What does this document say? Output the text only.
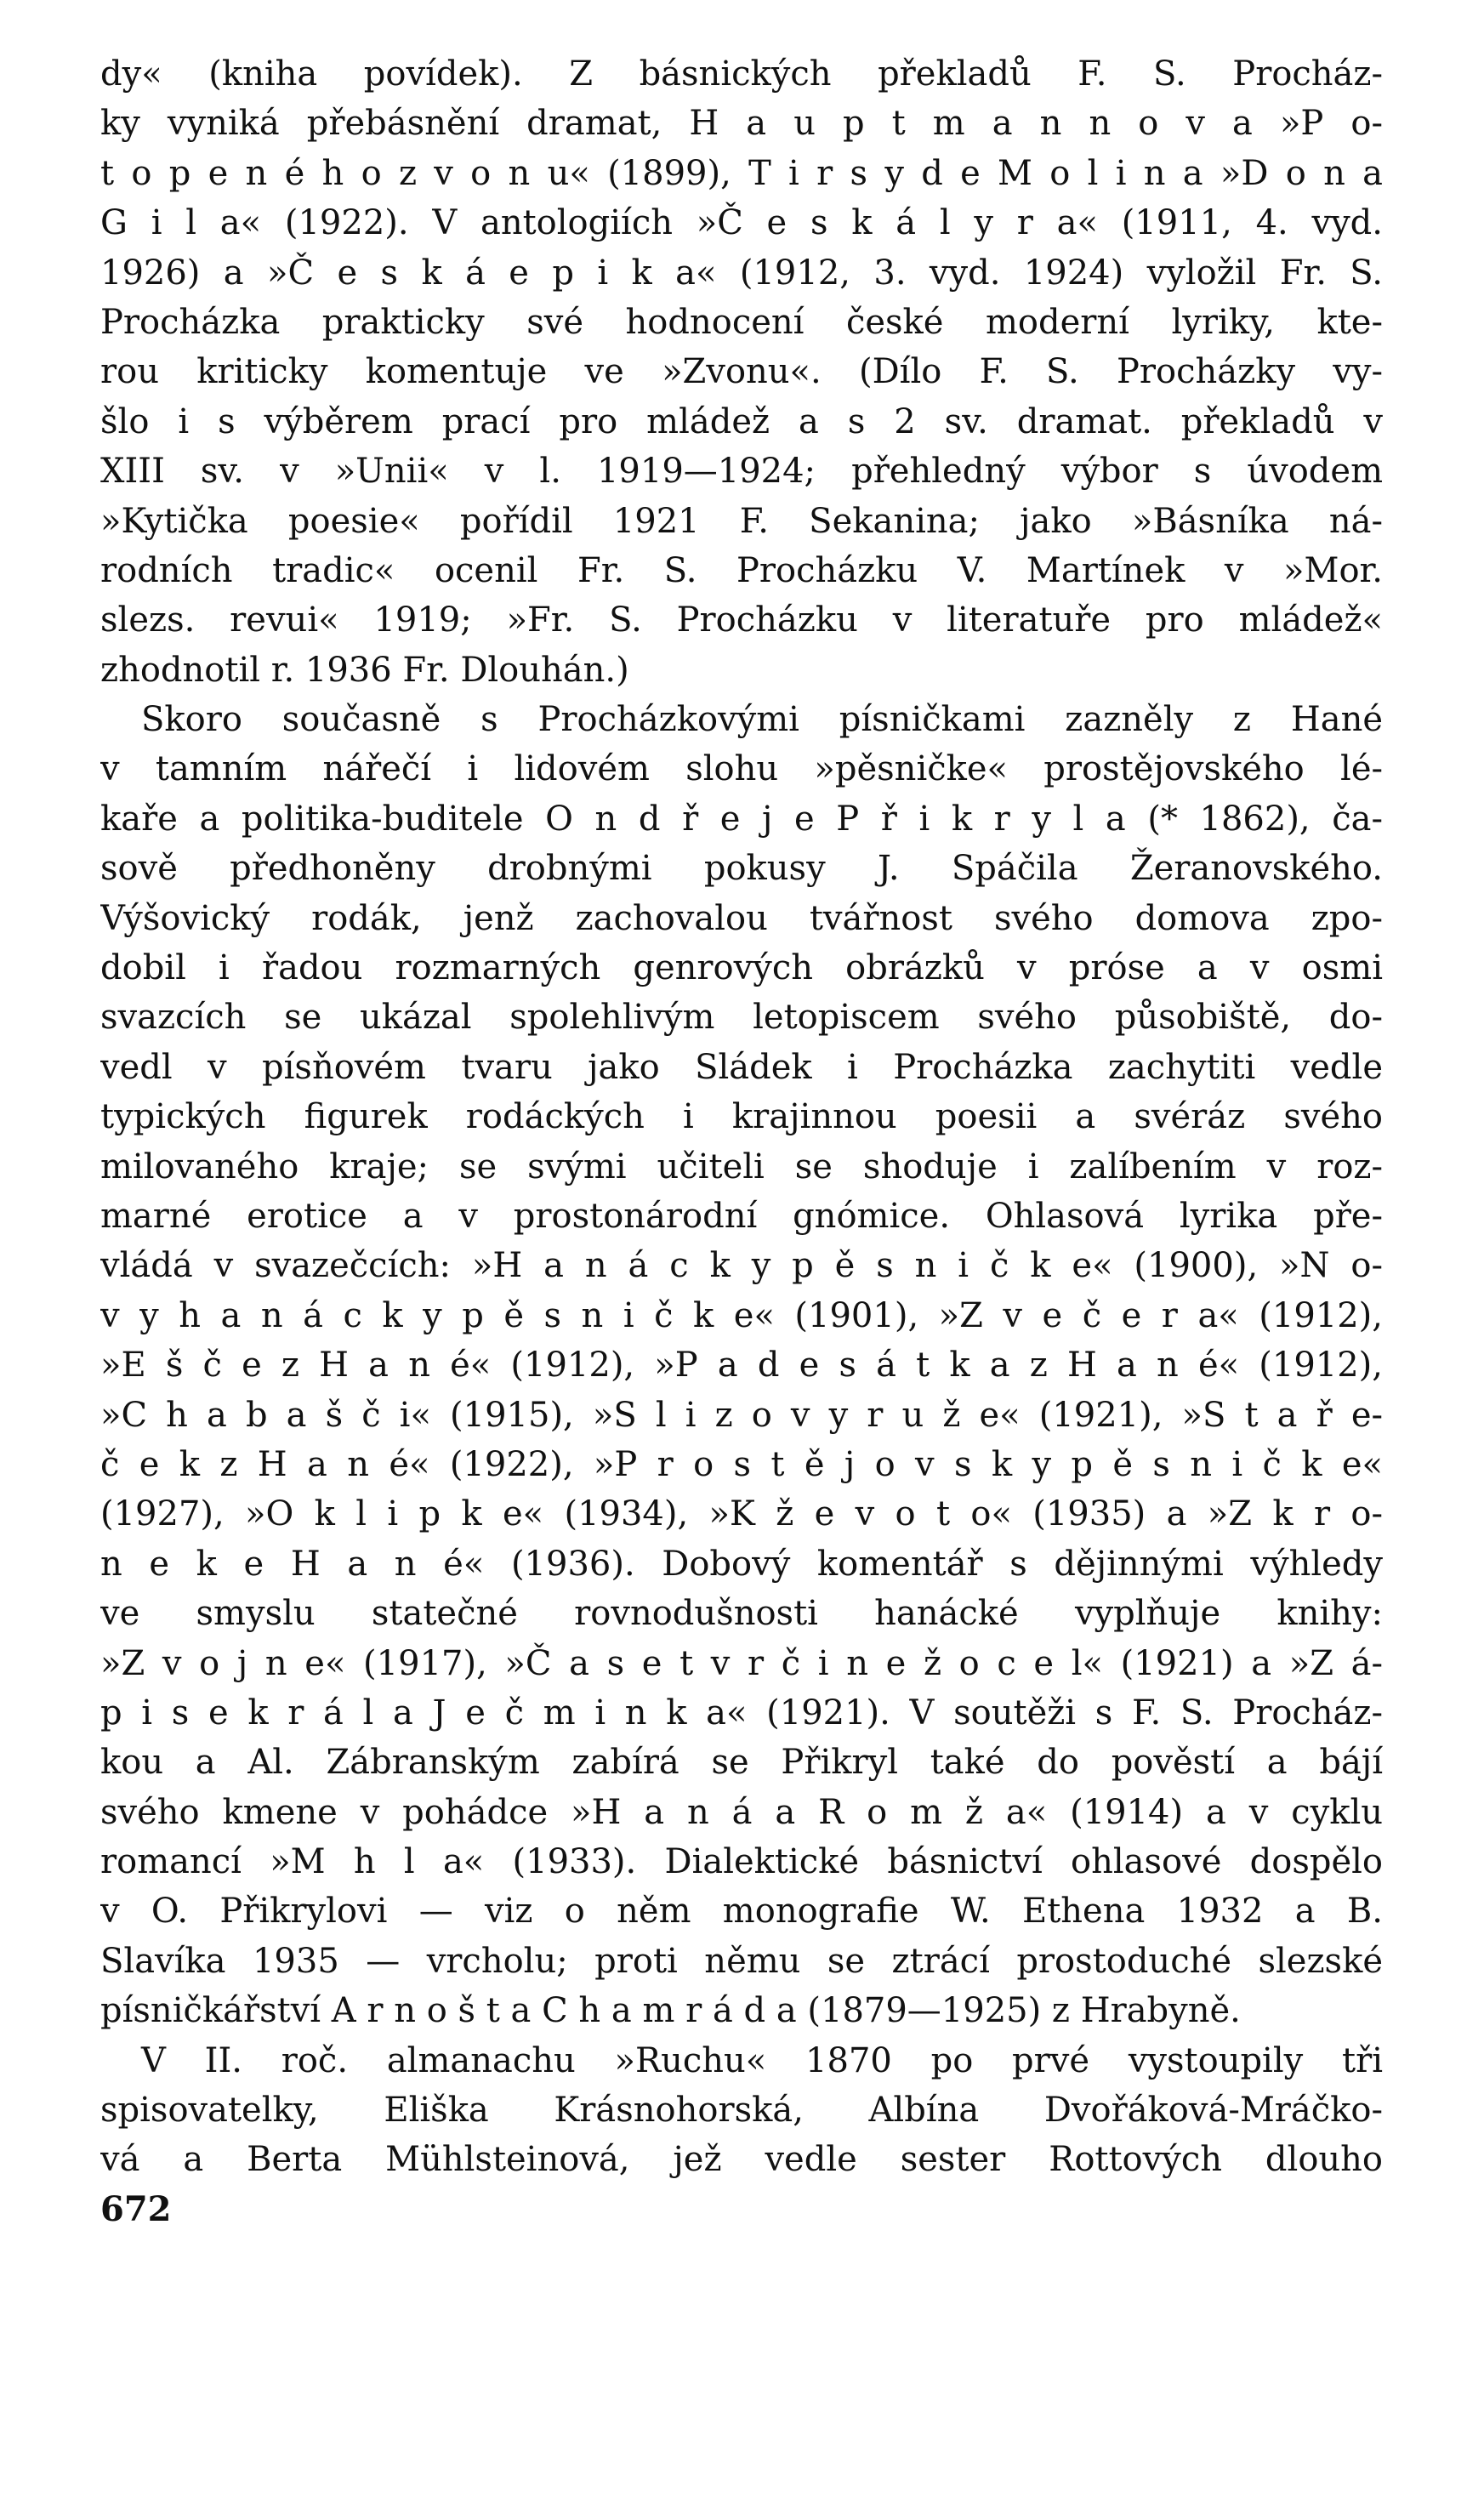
dy« (kniha povídek). Z básnických překladů F. S. Procház-
ky vyniká přebásnění dramat, H a u p t m a n n o v a »P o-
t o p e n é h o z v o n u« (1899), T i r s y d e M o l i n a »D o n a
G i l a« (1922). V antologiích »Č e s k á l y r a« (1911, 4. vyd.
1926) a »Č e s k á e p i k a« (1912, 3. vyd. 1924) vyložil Fr. S.
Procházka prakticky své hodnocení české moderní lyriky, kte-
rou kriticky komentuje ve »Zvonu«. (Dílo F. S. Procházky vy-
šlo i s výběrem prací pro mládež a s 2 sv. dramat. překladů v
XIII sv. v »Unii« v l. 1919—1924; přehledný výbor s úvodem
»Kytička poesie« pořídil 1921 F. Sekanina; jako »Básníka ná-
rodních tradic« ocenil Fr. S. Procházku V. Martínek v »Mor.
slezs. revui« 1919; »Fr. S. Procházku v literatuře pro mládež«
zhodnotil r. 1936 Fr. Dlouhán.)
Skoro současně s Procházkovými písničkami zazněly z Hané
v tamním nářečí i lidovém slohu »pěsničke« prostějovského lé-
kaře a politika-buditele O n d ř e j e P ř i k r y l a (* 1862), ča-
sově předhoněny drobnými pokusy J. Spáčila Žeranovského.
Výšovický rodák, jenž zachovalou tvářnost svého domova zpo-
dobil i řadou rozmarných genrových obrázků v próse a v osmi
svazcích se ukázal spolehlivým letopiscem svého působiště, do-
vedl v písňovém tvaru jako Sládek i Procházka zachytiti vedle
typických figurek rodáckých i krajinnou poesii a svéráz svého
milovaného kraje; se svými učiteli se shoduje i zalíbením v roz-
marné erotice a v prostonárodní gnómice. Ohlasová lyrika pře-
vládá v svazečcích: »H a n á c k y p ě s n i č k e« (1900), »N o-
v y h a n á c k y p ě s n i č k e« (1901), »Z v e č e r a« (1912),
»E š č e z H a n é« (1912), »P a d e s á t k a z H a n é« (1912),
»C h a b a š č i« (1915), »S l i z o v y r u ž e« (1921), »S t a ř e-
č e k z H a n é« (1922), »P r o s t ě j o v s k y p ě s n i č k e«
(1927), »O k l i p k e« (1934), »K ž e v o t o« (1935) a »Z k r o-
n e k e H a n é« (1936). Dobový komentář s dějinnými výhledy
ve smyslu statečné rovnodušnosti hanácké vyplňuje knihy:
»Z v o j n e« (1917), »Č a s e t v r č i n e ž o c e l« (1921) a »Z á-
p i s e k r á l a J e č m i n k a« (1921). V soutěži s F. S. Procház-
kou a Al. Zábranským zabírá se Přikryl také do pověstí a bájí
svého kmene v pohádce »H a n á a R o m ž a« (1914) a v cyklu
romancí »M h l a« (1933). Dialektické básnictví ohlasové dospělo
v O. Přikrylovi — viz o něm monografie W. Ethena 1932 a B.
Slavíka 1935 — vrcholu; proti němu se ztrácí prostoduché slezské
písničkářství A r n o š t a C h a m r á d a (1879—1925) z Hrabyně.
V II. roč. almanachu »Ruchu« 1870 po prvé vystoupily tři
spisovatelky, Eliška Krásnohorská, Albína Dvořáková-Mráčko-
vá a Berta Mühlsteinová, jež vedle sester Rottových dlouho
672
